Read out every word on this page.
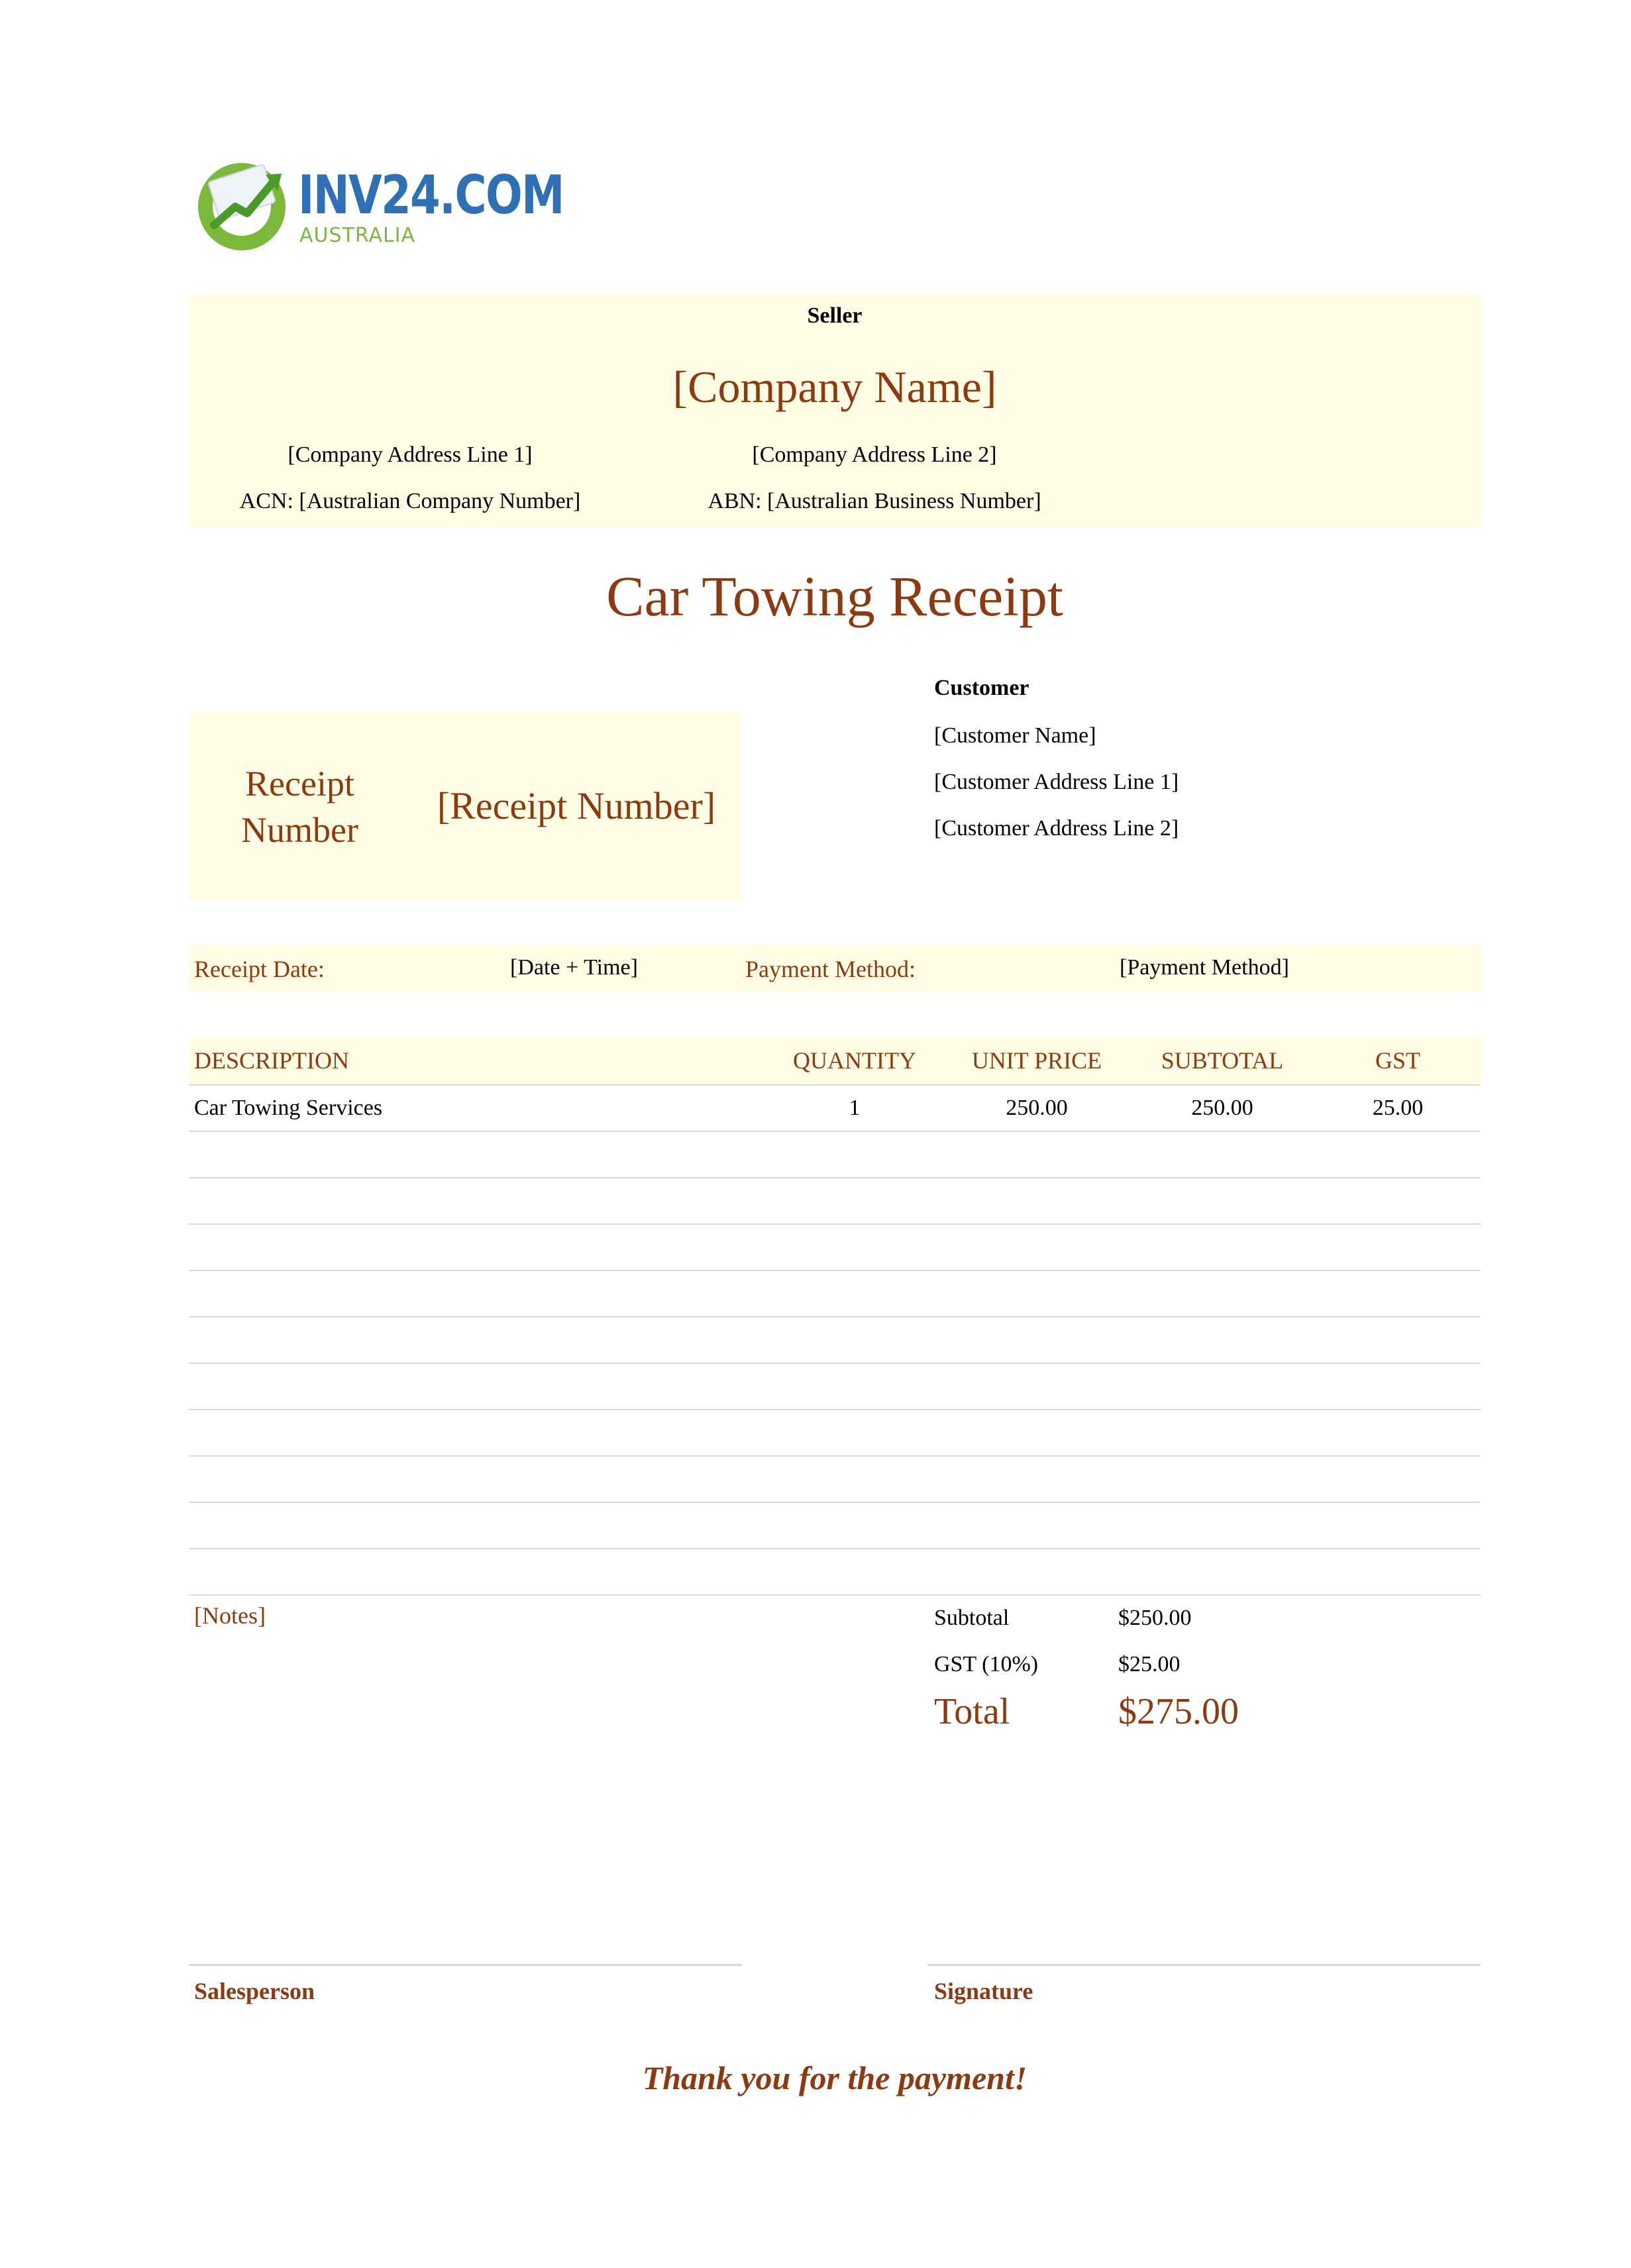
INV24.COM
AUSTRALIA
Seller
[Company Name]
[Company Address Line 1]	[Company Address Line 2]
ACN: [Australian Company Number]	ABN: [Australian Business Number]
Car Towing Receipt
Receipt Number
[Receipt Number]
Customer
[Customer Name]
[Customer Address Line 1]
[Customer Address Line 2]
Receipt Date:	[Date + Time]	Payment Method:	[Payment Method]
DESCRIPTION	QUANTITY	UNIT PRICE	SUBTOTAL	GST
Car Towing Services	1	250.00	250.00	25.00

[Notes]	Subtotal	$250.00
GST (10%)	$25.00
Total	$275.00
Salesperson	Signature
Thank you for the payment!
